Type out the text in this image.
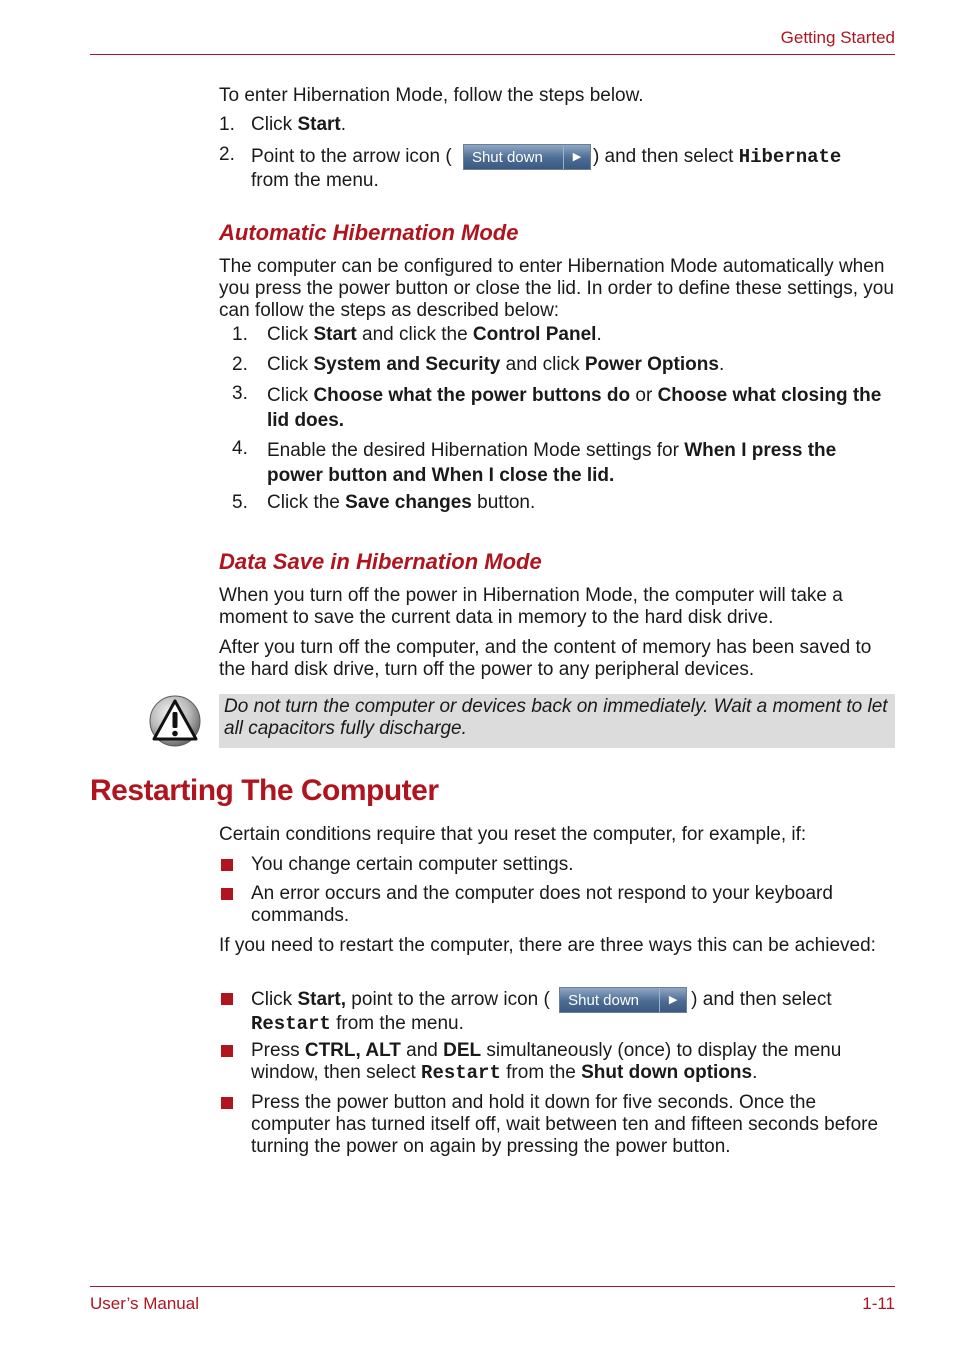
Getting Started
To enter Hibernation Mode, follow the steps below.
1. Click Start.
2. Point to the arrow icon ( Shut down	▶ ) and then select Hibernate
from the menu.
Automatic Hibernation Mode
The computer can be configured to enter Hibernation Mode automatically when you press the power button or close the lid. In order to define these settings, you can follow the steps as described below:
1. Click Start and click the Control Panel.
2. Click System and Security and click Power Options.
3. Click Choose what the power buttons do or Choose what closing the lid does.
4. Enable the desired Hibernation Mode settings for When I press the power button and When I close the lid.
5. Click the Save changes button.
Data Save in Hibernation Mode
When you turn off the power in Hibernation Mode, the computer will take a moment to save the current data in memory to the hard disk drive.
After you turn off the computer, and the content of memory has been saved to the hard disk drive, turn off the power to any peripheral devices.
Do not turn the computer or devices back on immediately. Wait a moment to let all capacitors fully discharge.
Restarting The Computer
Certain conditions require that you reset the computer, for example, if:
You change certain computer settings.
An error occurs and the computer does not respond to your keyboard commands.
If you need to restart the computer, there are three ways this can be achieved:
Click Start, point to the arrow icon ( Shut down	▶ ) and then select
Restart from the menu.
Press CTRL, ALT and DEL simultaneously (once) to display the menu window, then select Restart from the Shut down options.
Press the power button and hold it down for five seconds. Once the computer has turned itself off, wait between ten and fifteen seconds before turning the power on again by pressing the power button.
User’s Manual	1-11
